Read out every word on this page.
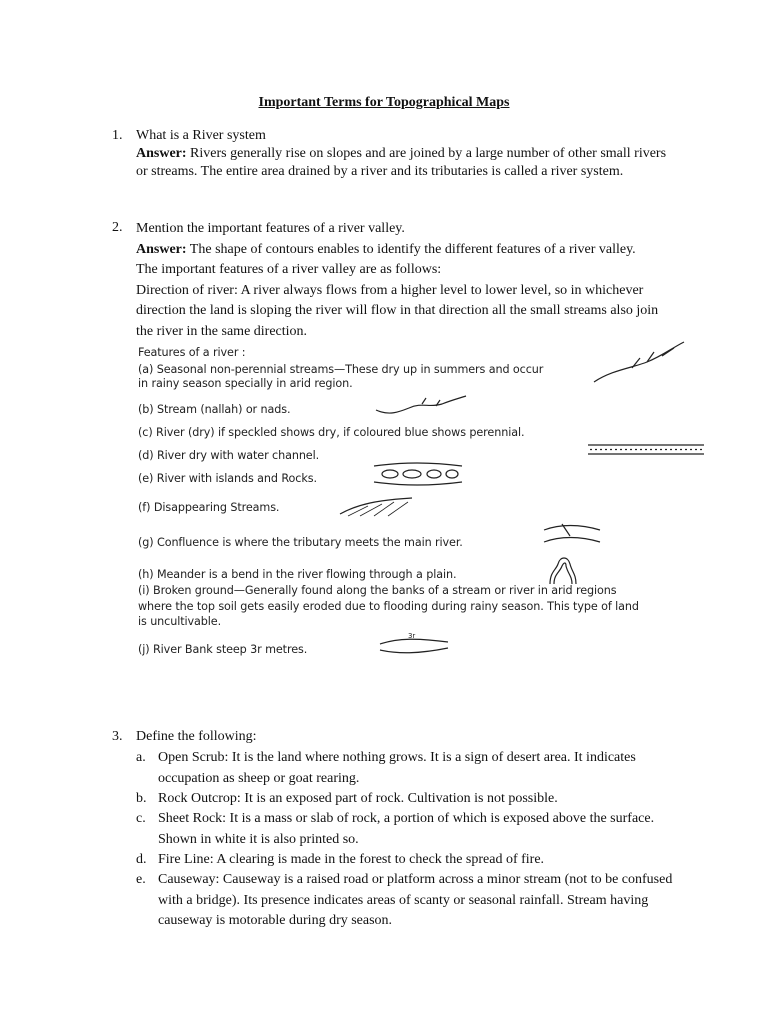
Important Terms for Topographical Maps
1. What is a River system

Answer: Rivers generally rise on slopes and are joined by a large number of other small rivers or streams. The entire area drained by a river and its tributaries is called a river system.

2. Mention the important features of a river valley.

Answer: The shape of contours enables to identify the different features of a river valley.

The important features of a river valley are as follows:

Direction of river: A river always flows from a higher level to lower level, so in whichever direction the land is sloping the river will flow in that direction all the small streams also join the river in the same direction.

Features of a river :
(a) Seasonal non-perennial streams—These dry up in summers and occur
in rainy season specially in arid region.
(b) Stream (nallah) or nads.
(c) River (dry) if speckled shows dry, if coloured blue shows perennial.
(d) River dry with water channel.
(e) River with islands and Rocks.
(f) Disappearing Streams.
(g) Confluence is where the tributary meets the main river.
(h) Meander is a bend in the river flowing through a plain.
(i) Broken ground—Generally found along the banks of a stream or river in arid regions
where the top soil gets easily eroded due to flooding during rainy season. This type of land
is uncultivable.
(j) River Bank steep 3r metres.
3r
3. Define the following:
a. Open Scrub: It is the land where nothing grows. It is a sign of desert area. It indicates occupation as sheep or goat rearing.
b. Rock Outcrop: It is an exposed part of rock. Cultivation is not possible.
c. Sheet Rock: It is a mass or slab of rock, a portion of which is exposed above the surface. Shown in white it is also printed so.
d. Fire Line: A clearing is made in the forest to check the spread of fire.
e. Causeway: Causeway is a raised road or platform across a minor stream (not to be confused with a bridge). Its presence indicates areas of scanty or seasonal rainfall. Stream having causeway is motorable during dry season.
